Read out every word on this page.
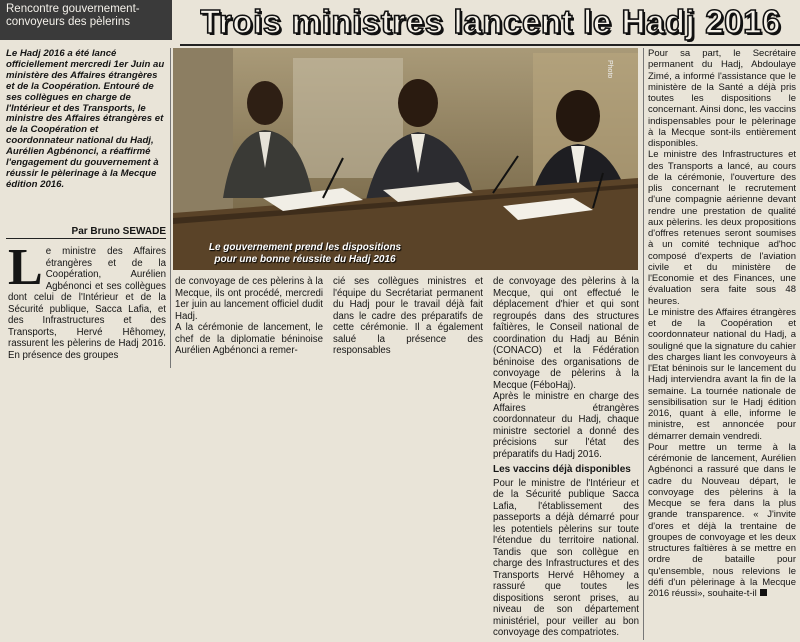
Rencontre gouvernement-
convoyeurs des pèlerins	Trois ministres lancent le Hadj 2016
Le Hadj 2016 a été lancé officiellement mercredi 1er Juin au ministère des Affaires étrangères et de la Coopération. Entouré de ses collègues en charge de l'Intérieur et des Transports, le ministre des Affaires étrangères et de la Coopération et coordonnateur national du Hadj, Aurélien Agbénonci, a réaffirmé l'engagement du gouvernement à réussir le pèlerinage à la Mecque édition 2016.
Par Bruno SEWADE
Le gouvernement prend les dispositions
pour une bonne réussite du Hadj 2016
Photo
L e ministre des Affaires étrangères et de la Coopération, Aurélien Agbénonci et ses collègues dont celui de l'Intérieur et de la Sécurité publique, Sacca Lafia, et des Infrastructures et des Transports, Hervé Hêhomey, rassurent les pèlerins de Hadj 2016. En présence des groupes

de convoyage de ces pèlerins à la Mecque, ils ont procédé, mercredi 1er juin au lancement officiel dudit Hadj.

A la cérémonie de lancement, le chef de la diplomatie béninoise Aurélien Agbénonci a remer-

cié ses collègues ministres et l'équipe du Secrétariat permanent du Hadj pour le travail déjà fait dans le cadre des préparatifs de cette cérémonie. Il a également salué la présence des responsables

de convoyage des pèlerins à la Mecque, qui ont effectué le déplacement d'hier et qui sont regroupés dans des structures faîtières, le Conseil national de coordination du Hadj au Bénin (CONACO) et la Fédération béninoise des organisations de convoyage de pèlerins à la Mecque (FéboHaj).

Après le ministre en charge des Affaires étrangères coordonnateur du Hadj, chaque ministre sectoriel a donné des précisions sur l'état des préparatifs du Hadj 2016.

Les vaccins déjà disponibles

Pour le ministre de l'Intérieur et de la Sécurité publique Sacca Lafia, l'établissement des passeports a déjà démarré pour les potentiels pèlerins sur toute l'étendue du territoire national. Tandis que son collègue en charge des Infrastructures et des Transports Hervé Hêhomey a rassuré que toutes les dispositions seront prises, au niveau de son département ministériel, pour veiller au bon convoyage des compatriotes.

Pour sa part, le Secrétaire permanent du Hadj, Abdoulaye Zimé, a informé l'assistance que le ministère de la Santé a déjà pris toutes les dispositions le concernant. Ainsi donc, les vaccins indispensables pour le pèlerinage à la Mecque sont-ils entièrement disponibles.

Le ministre des Infrastructures et des Transports a lancé, au cours de la cérémonie, l'ouverture des plis concernant le recrutement d'une compagnie aérienne devant rendre une prestation de qualité aux pèlerins. les deux propositions d'offres retenues seront soumises à un comité technique ad'hoc composé d'experts de l'aviation civile et du ministère de l'Economie et des Finances, une évaluation sera faite sous 48 heures.

Le ministre des Affaires étrangères et de la Coopération et coordonnateur national du Hadj, a souligné que la signature du cahier des charges liant les convoyeurs à l'Etat béninois sur le lancement du Hadj interviendra avant la fin de la semaine. La tournée nationale de sensibilisation sur le Hadj édition 2016, quant à elle, informe le ministre, est annoncée pour démarrer demain vendredi.

Pour mettre un terme à la cérémonie de lancement, Aurélien Agbénonci a rassuré que dans le cadre du Nouveau départ, le convoyage des pèlerins à la Mecque se fera dans la plus grande transparence. « J'invite d'ores et déjà la trentaine de groupes de convoyage et les deux structures faîtières à se mettre en ordre de bataille pour qu'ensemble, nous relevions le défi d'un pèlerinage à la Mecque 2016 réussi», souhaite-t-il
